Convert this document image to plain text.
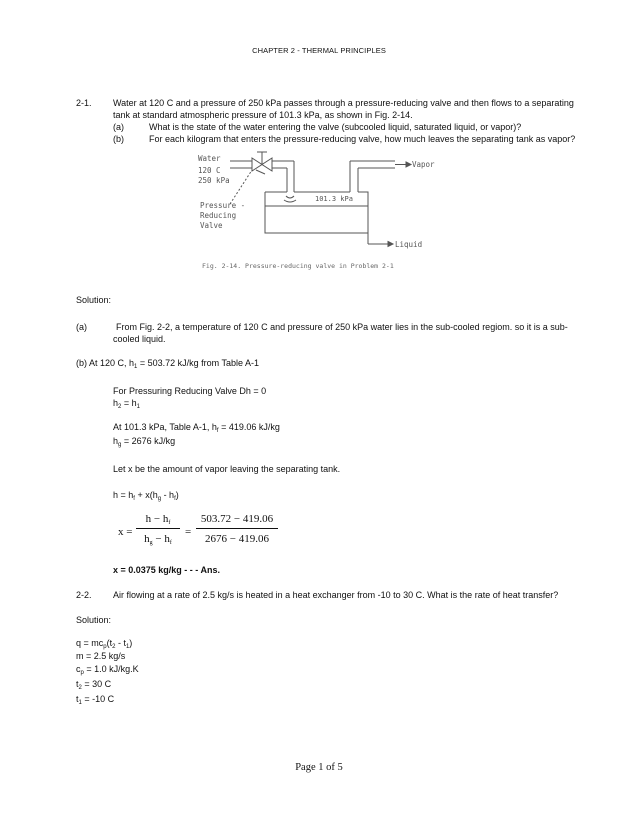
CHAPTER 2 - THERMAL PRINCIPLES
2-1. Water at 120 C and a pressure of 250 kPa passes through a pressure-reducing valve and then flows to a separating
tank at standard atmospheric pressure of 101.3 kPa, as shown in Fig. 2-14.
(a)	What is the state of the water entering the valve (subcooled liquid, saturated liquid, or vapor)?
(b)	For each kilogram that enters the pressure-reducing valve, how much leaves the separating tank as vapor?
Water
120 C
250 kPa
Vapor
101.3 kPa
Pressure -
Reducing
Valve
Liquid
Fig. 2-14. Pressure-reducing valve in Problem 2-1
Solution:
(a)	From Fig. 2-2, a temperature of 120 C and pressure of 250 kPa water lies in the sub-cooled regiom. so it is a sub-
cooled liquid.
(b) At 120 C, $h_1 = 503.72$ kJ/kg from Table A-1
For Pressuring Reducing Valve Dh = 0
$h_2 = h_1$
At 101.3 kPa, Table A-1, $h_f = 419.06$ kJ/kg
$h_g = 2676$ kJ/kg
Let x be the amount of vapor leaving the separating tank.
$h = h_f + x(h_g - h_f)$
x =
$h - h_f$
$h_g - h_f$
=
503.72 − 419.06
2676 − 419.06
x = 0.0375 kg/kg - - - Ans.
2-2. Air flowing at a rate of 2.5 kg/s is heated in a heat exchanger from -10 to 30 C. What is the rate of heat transfer?
Solution:
$q = mc_p(t_2 - t_1)$
m = 2.5 kg/s
$c_p = 1.0$ kJ/kg.K
$t_2 = 30$ C
$t_1 = -10$ C
Page 1 of 5
